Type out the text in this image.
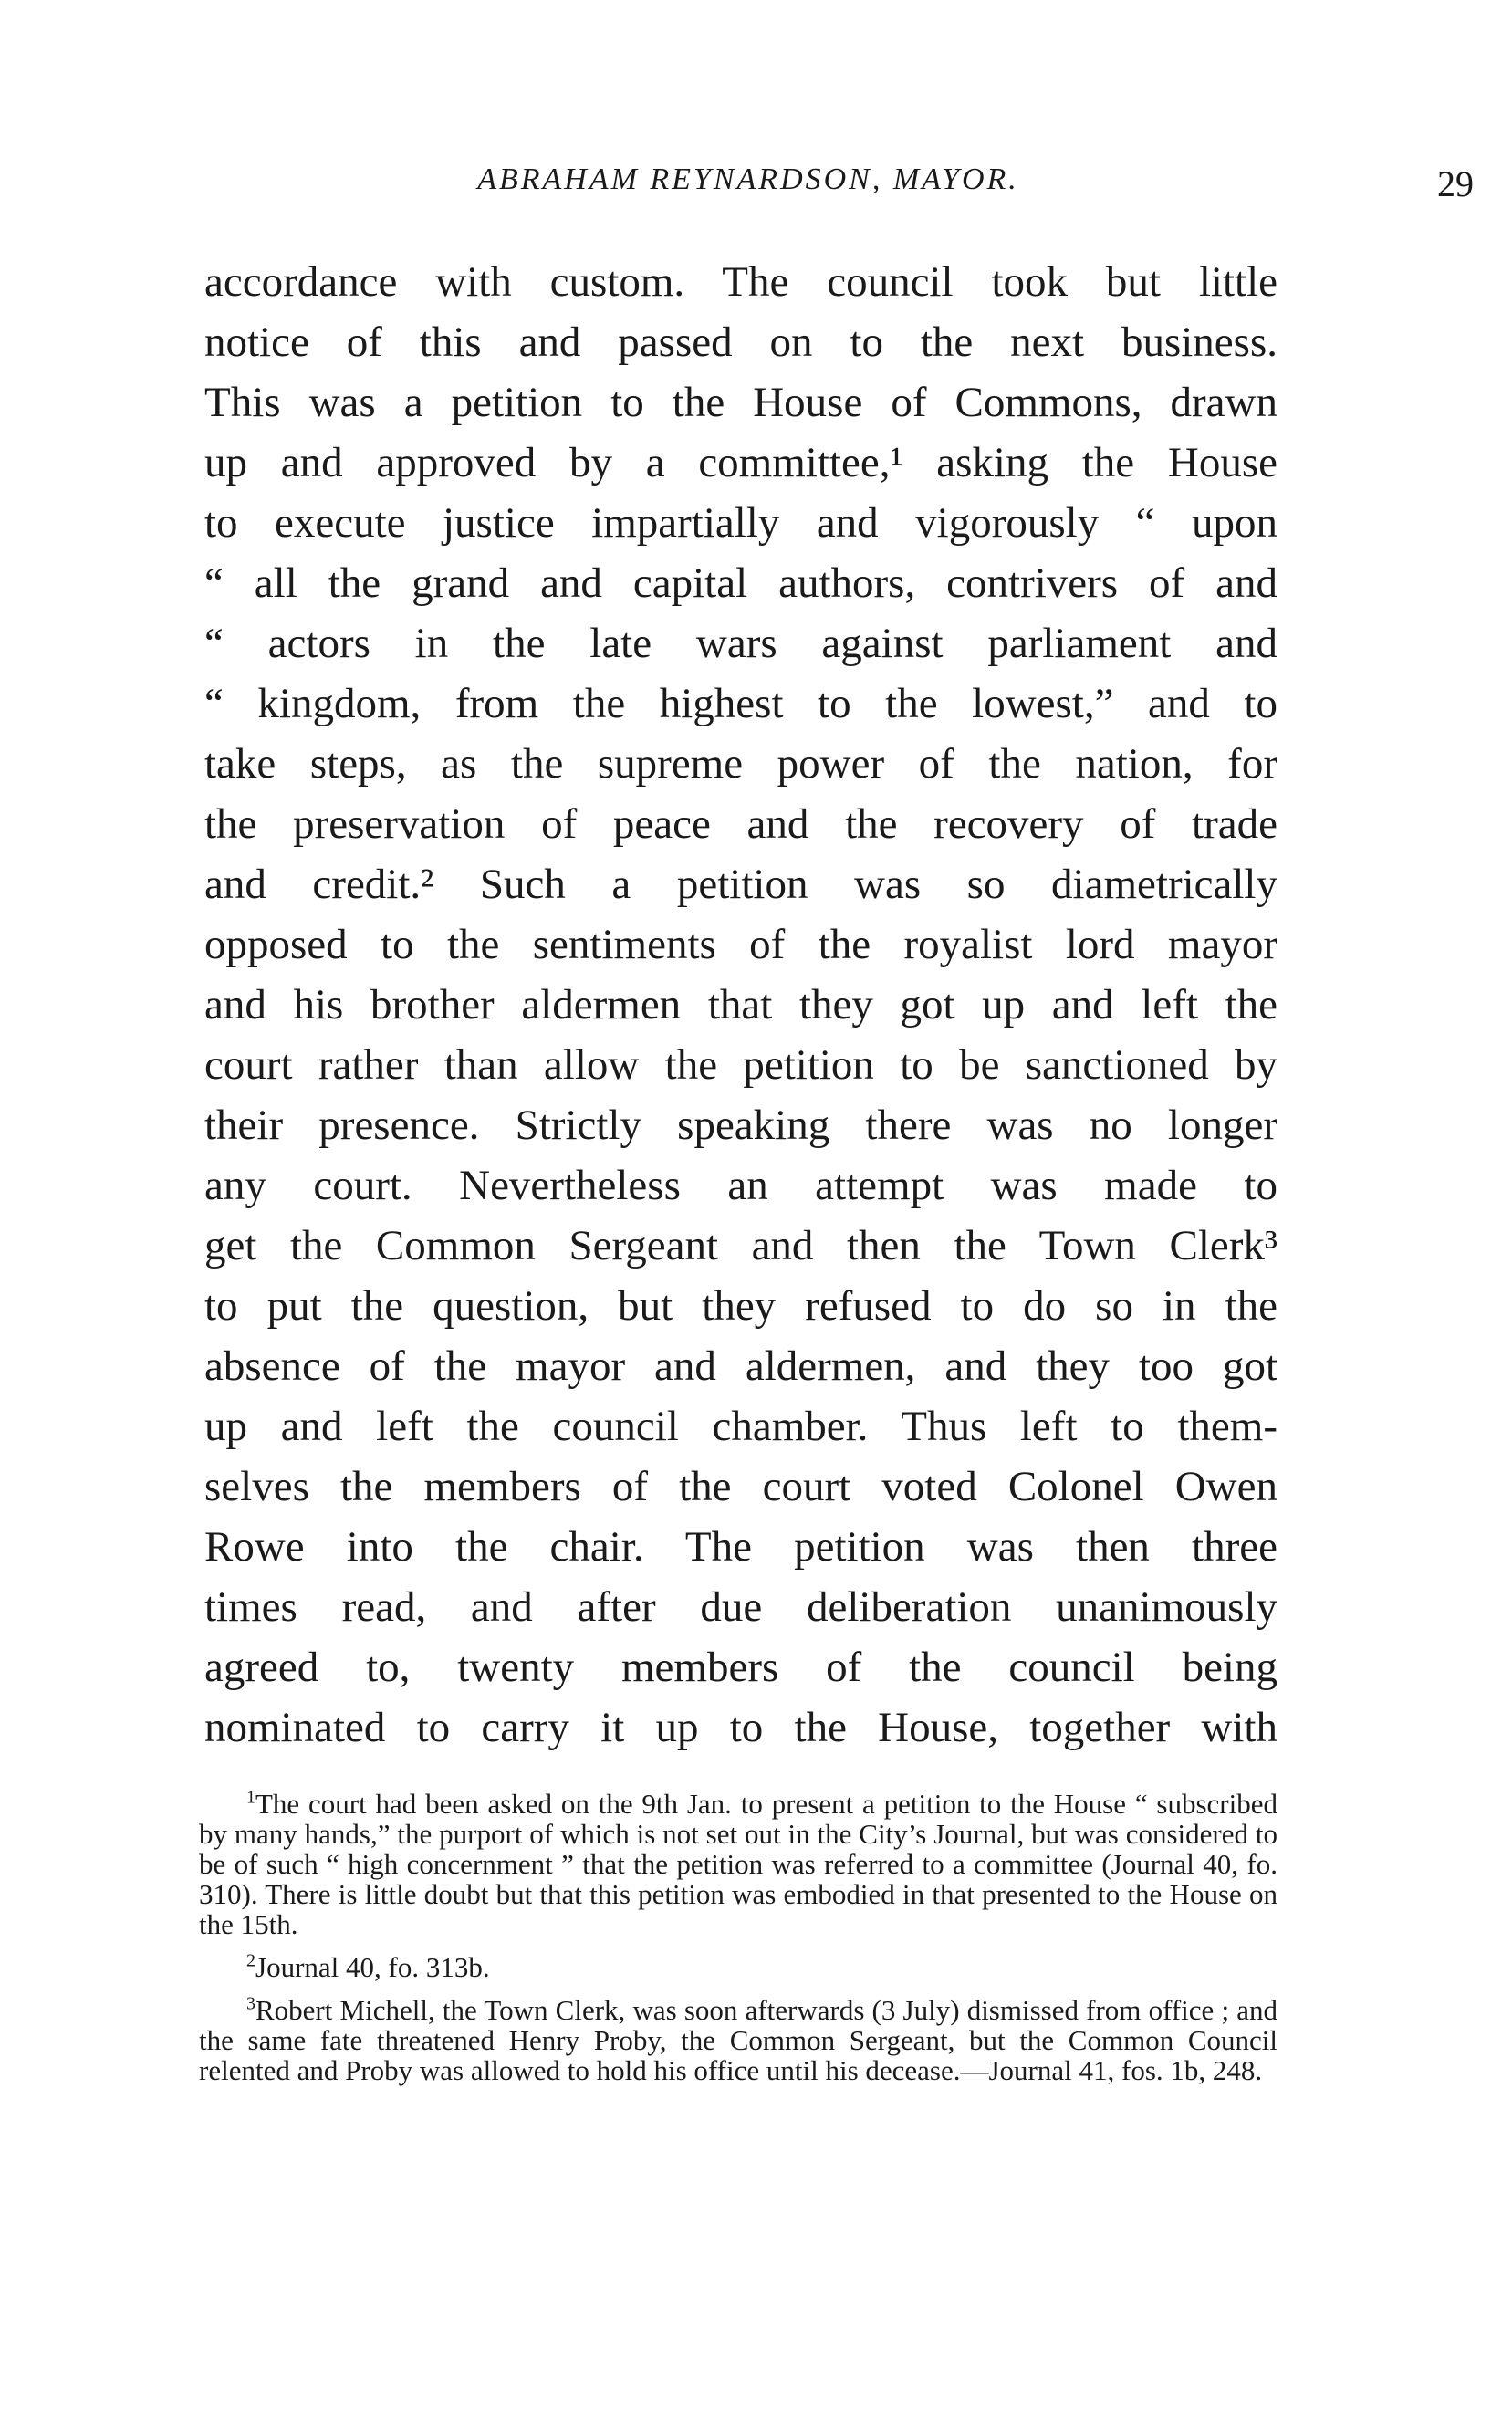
ABRAHAM REYNARDSON, MAYOR.	29
accordance with custom. The council took but little
notice of this and passed on to the next business.
This was a petition to the House of Commons, drawn
up and approved by a committee,¹ asking the House
to execute justice impartially and vigorously “ upon
“ all the grand and capital authors, contrivers of and
“ actors in the late wars against parliament and
“ kingdom, from the highest to the lowest,” and to
take steps, as the supreme power of the nation, for
the preservation of peace and the recovery of trade
and credit.² Such a petition was so diametrically
opposed to the sentiments of the royalist lord mayor
and his brother aldermen that they got up and left the
court rather than allow the petition to be sanctioned by
their presence. Strictly speaking there was no longer
any court. Nevertheless an attempt was made to
get the Common Sergeant and then the Town Clerk³
to put the question, but they refused to do so in the
absence of the mayor and aldermen, and they too got
up and left the council chamber. Thus left to them-
selves the members of the court voted Colonel Owen
Rowe into the chair. The petition was then three
times read, and after due deliberation unanimously
agreed to, twenty members of the council being
nominated to carry it up to the House, together with

$^1$The court had been asked on the 9th Jan. to present a petition to the House “ subscribed by many hands,” the purport of which is not set out in the City’s Journal, but was considered to be of such “ high concernment ” that the petition was referred to a committee (Journal 40, fo. 310). There is little doubt but that this petition was embodied in that presented to the House on the 15th.

$^2$Journal 40, fo. 313b.

$^3$Robert Michell, the Town Clerk, was soon afterwards (3 July) dismissed from office ; and the same fate threatened Henry Proby, the Common Sergeant, but the Common Council relented and Proby was allowed to hold his office until his decease.—Journal 41, fos. 1b, 248.
